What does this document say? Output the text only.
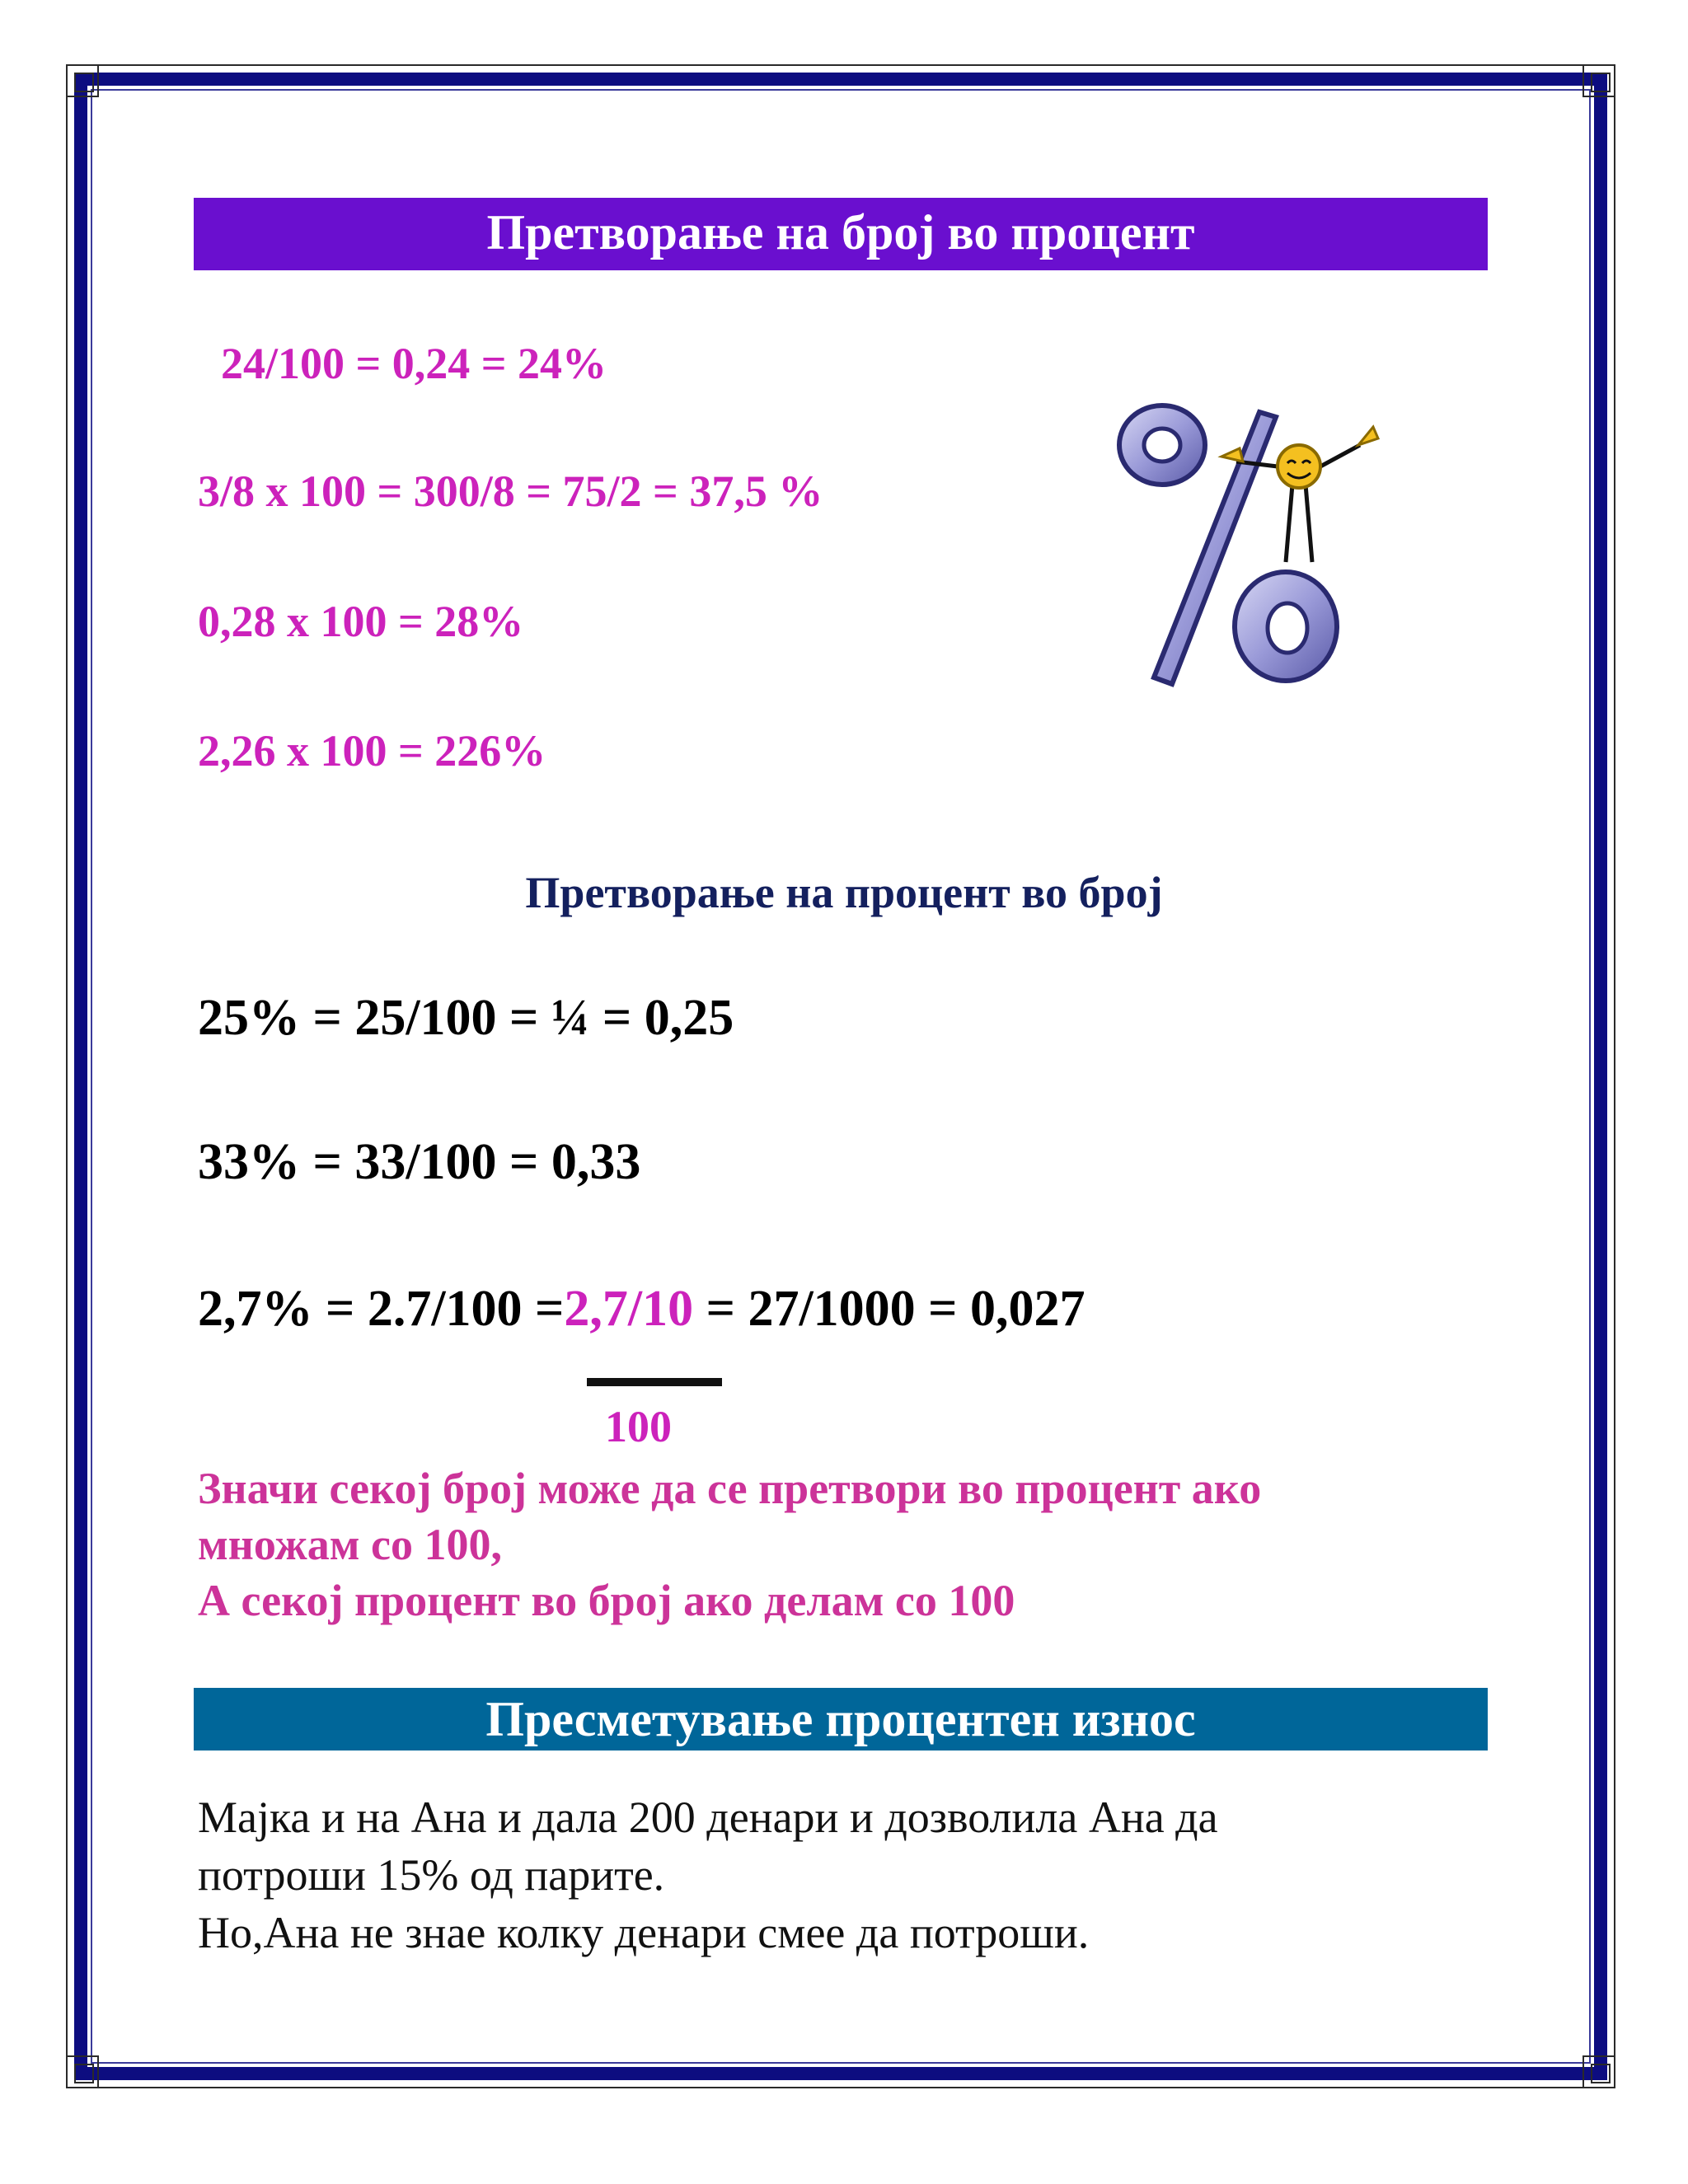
Претворање на број во процент
24/100 = 0,24 = 24%
3/8 x 100 = 300/8 = 75/2 = 37,5 %
0,28 x 100 = 28%
2,26 x 100 = 226%
Претворање на процент во број
25% = 25/100 = ¼ = 0,25
33% = 33/100 = 0,33
2,7% = 2.7/100 =2,7/10 = 27/1000 = 0,027
100
Значи секој број може да се претвори во процент ако
множам со 100,
А секој процент во број ако делам со 100
Пресметување процентен износ
Мајка и на Ана и дала 200 денари и дозволила Ана да
потроши 15% од парите.
Но,Ана не знае колку денари смее да потроши.
